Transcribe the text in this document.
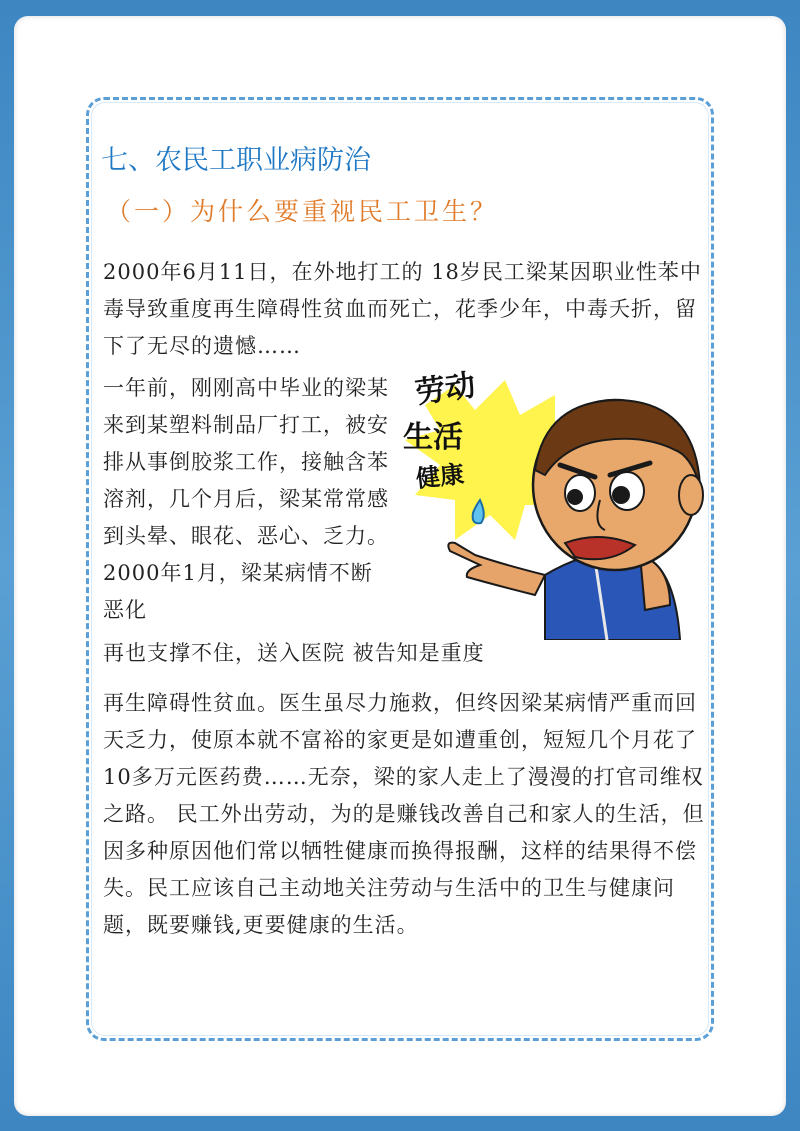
七、农民工职业病防治
（一）为什么要重视民工卫生？

2000年6月11日，在外地打工的 18岁民工梁某因职业性苯中毒导致重度再生障碍性贫血而死亡，花季少年，中毒夭折，留下了无尽的遗憾……

一年前，刚刚高中毕业的梁某来到某塑料制品厂打工，被安排从事倒胶浆工作，接触含苯溶剂，几个月后，梁某常常感到头晕、眼花、恶心、乏力。2000年1月，梁某病情不断恶化

再也支撑不住，送入医院 被告知是重度

再生障碍性贫血。医生虽尽力施救，但终因梁某病情严重而回天乏力，使原本就不富裕的家更是如遭重创，短短几个月花了10多万元医药费……无奈，梁的家人走上了漫漫的打官司维权之路。 民工外出劳动，为的是赚钱改善自己和家人的生活，但因多种原因他们常以牺牲健康而换得报酬，这样的结果得不偿失。民工应该自己主动地关注劳动与生活中的卫生与健康问题，既要赚钱,更要健康的生活。

劳动
生活
健康
